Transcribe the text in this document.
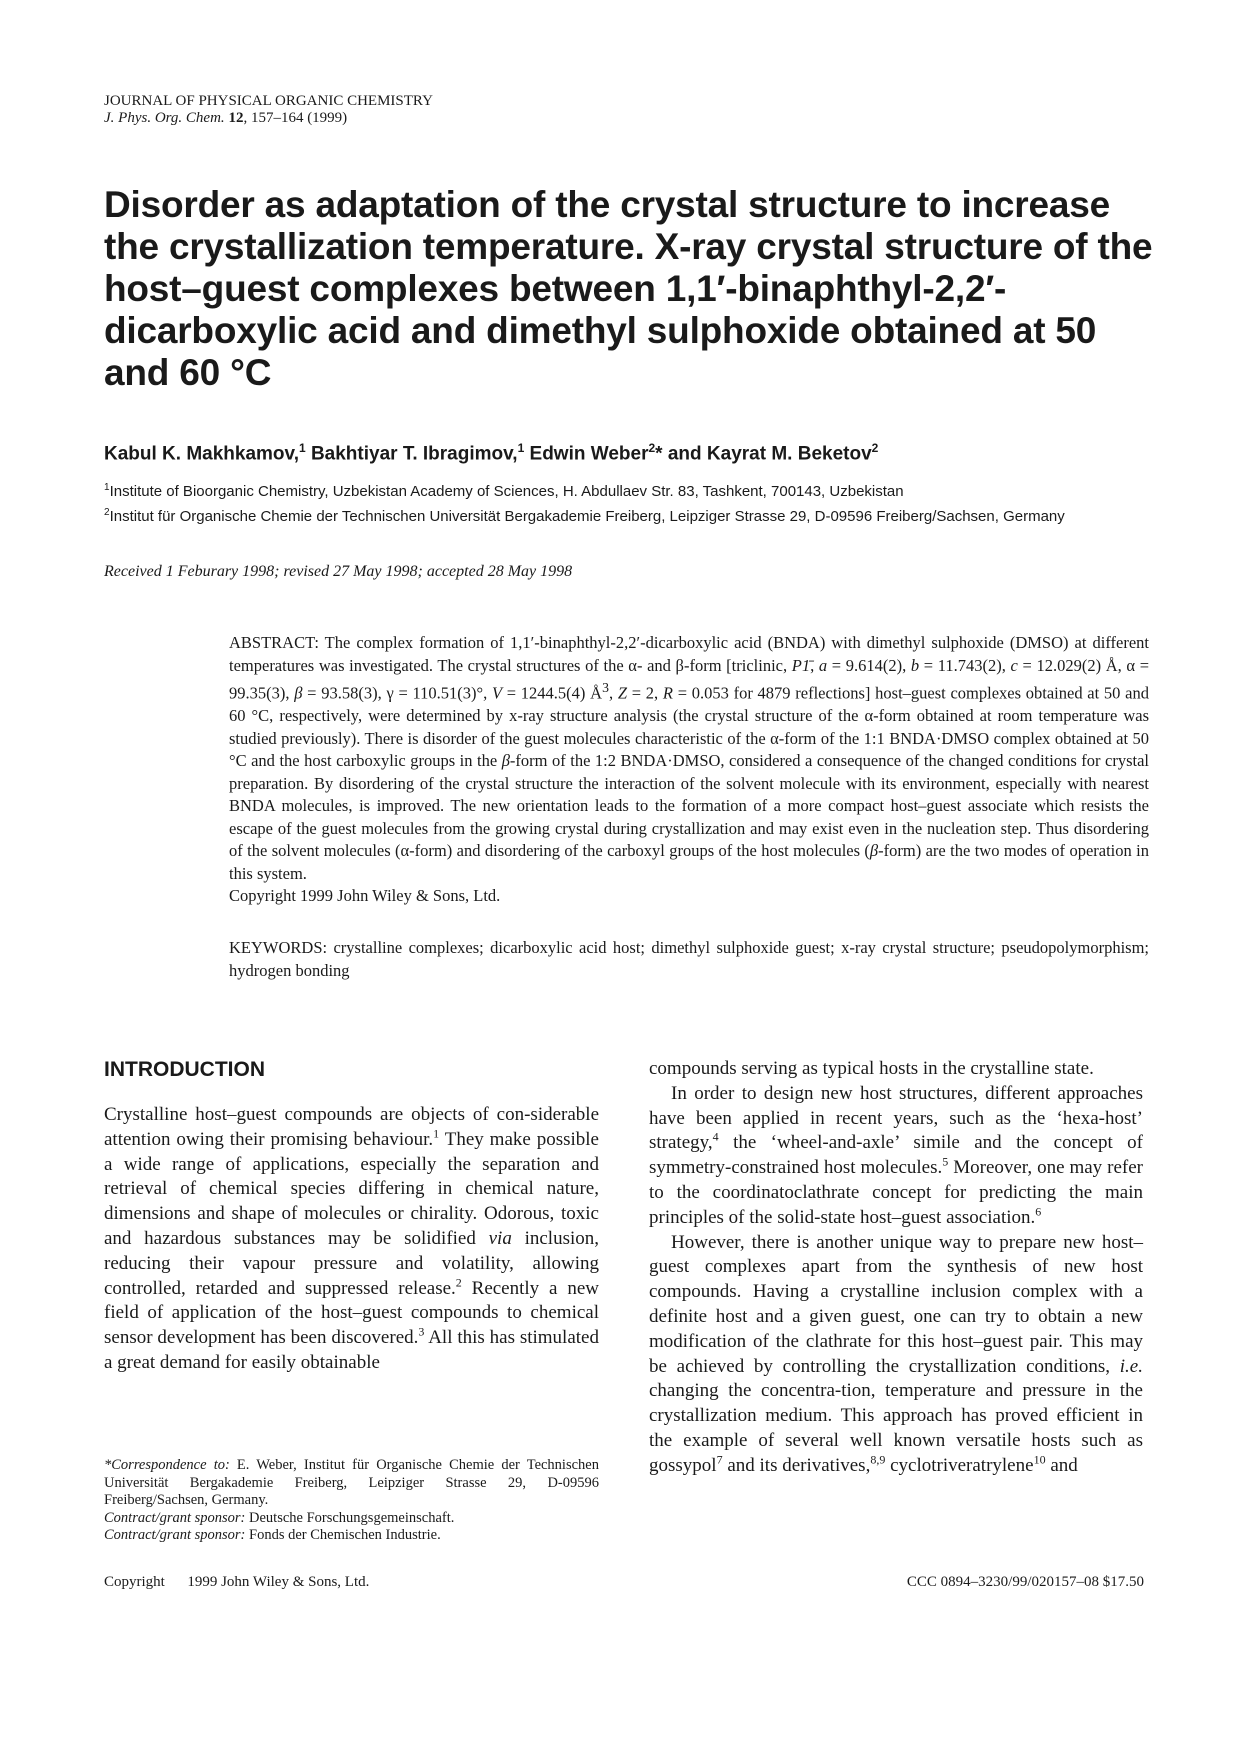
JOURNAL OF PHYSICAL ORGANIC CHEMISTRY
J. Phys. Org. Chem. 12, 157–164 (1999)
Disorder as adaptation of the crystal structure to increase the crystallization temperature. X-ray crystal structure of the host–guest complexes between 1,1′-binaphthyl-2,2′-dicarboxylic acid and dimethyl sulphoxide obtained at 50 and 60 °C
Kabul K. Makhkamov,$^1$ Bakhtiyar T. Ibragimov,$^1$ Edwin Weber$^2$* and Kayrat M. Beketov$^2$
$^1$Institute of Bioorganic Chemistry, Uzbekistan Academy of Sciences, H. Abdullaev Str. 83, Tashkent, 700143, Uzbekistan
$^2$Institut für Organische Chemie der Technischen Universität Bergakademie Freiberg, Leipziger Strasse 29, D-09596 Freiberg/Sachsen, Germany
Received 1 Feburary 1998; revised 27 May 1998; accepted 28 May 1998

ABSTRACT: The complex formation of 1,1′-binaphthyl-2,2′-dicarboxylic acid (BNDA) with dimethyl sulphoxide (DMSO) at different temperatures was investigated. The crystal structures of the α- and β-form [triclinic, P1̄, a = 9.614(2), b = 11.743(2), c = 12.029(2) Å, α = 99.35(3), β = 93.58(3), γ = 110.51(3)°, V = 1244.5(4) $Å^3$, Z = 2, R = 0.053 for 4879 reflections] host–guest complexes obtained at 50 and 60 °C, respectively, were determined by x-ray structure analysis (the crystal structure of the α-form obtained at room temperature was studied previously). There is disorder of the guest molecules characteristic of the α-form of the 1:1 BNDA·DMSO complex obtained at 50 °C and the host carboxylic groups in the β-form of the 1:2 BNDA·DMSO, considered a consequence of the changed conditions for crystal preparation. By disordering of the crystal structure the interaction of the solvent molecule with its environment, especially with nearest BNDA molecules, is improved. The new orientation leads to the formation of a more compact host–guest associate which resists the escape of the guest molecules from the growing crystal during crystallization and may exist even in the nucleation step. Thus disordering of the solvent molecules (α-form) and disordering of the carboxyl groups of the host molecules (β-form) are the two modes of operation in this system.
Copyright 1999 John Wiley & Sons, Ltd.

KEYWORDS: crystalline complexes; dicarboxylic acid host; dimethyl sulphoxide guest; x-ray crystal structure; pseudopolymorphism; hydrogen bonding

INTRODUCTION

Crystalline host–guest compounds are objects of con-siderable attention owing their promising behaviour.$^1$ They make possible a wide range of applications, especially the separation and retrieval of chemical species differing in chemical nature, dimensions and shape of molecules or chirality. Odorous, toxic and hazardous substances may be solidified via inclusion, reducing their vapour pressure and volatility, allowing controlled, retarded and suppressed release.$^2$ Recently a new field of application of the host–guest compounds to chemical sensor development has been discovered.$^3$ All this has stimulated a great demand for easily obtainable

compounds serving as typical hosts in the crystalline state.

In order to design new host structures, different approaches have been applied in recent years, such as the ‘hexa-host’ strategy,$^4$ the ‘wheel-and-axle’ simile and the concept of symmetry-constrained host molecules.$^5$ Moreover, one may refer to the coordinatoclathrate concept for predicting the main principles of the solid-state host–guest association.$^6$

However, there is another unique way to prepare new host–guest complexes apart from the synthesis of new host compounds. Having a crystalline inclusion complex with a definite host and a given guest, one can try to obtain a new modification of the clathrate for this host–guest pair. This may be achieved by controlling the crystallization conditions, i.e. changing the concentra-tion, temperature and pressure in the crystallization medium. This approach has proved efficient in the example of several well known versatile hosts such as gossypol$^7$ and its derivatives,$^{8,9}$ cyclotriveratrylene$^{10}$ and

*Correspondence to: E. Weber, Institut für Organische Chemie der Technischen Universität Bergakademie Freiberg, Leipziger Strasse 29, D-09596 Freiberg/Sachsen, Germany.
Contract/grant sponsor: Deutsche Forschungsgemeinschaft.
Contract/grant sponsor: Fonds der Chemischen Industrie.
Copyright      1999 John Wiley & Sons, Ltd.	CCC 0894–3230/99/020157–08 $17.50
